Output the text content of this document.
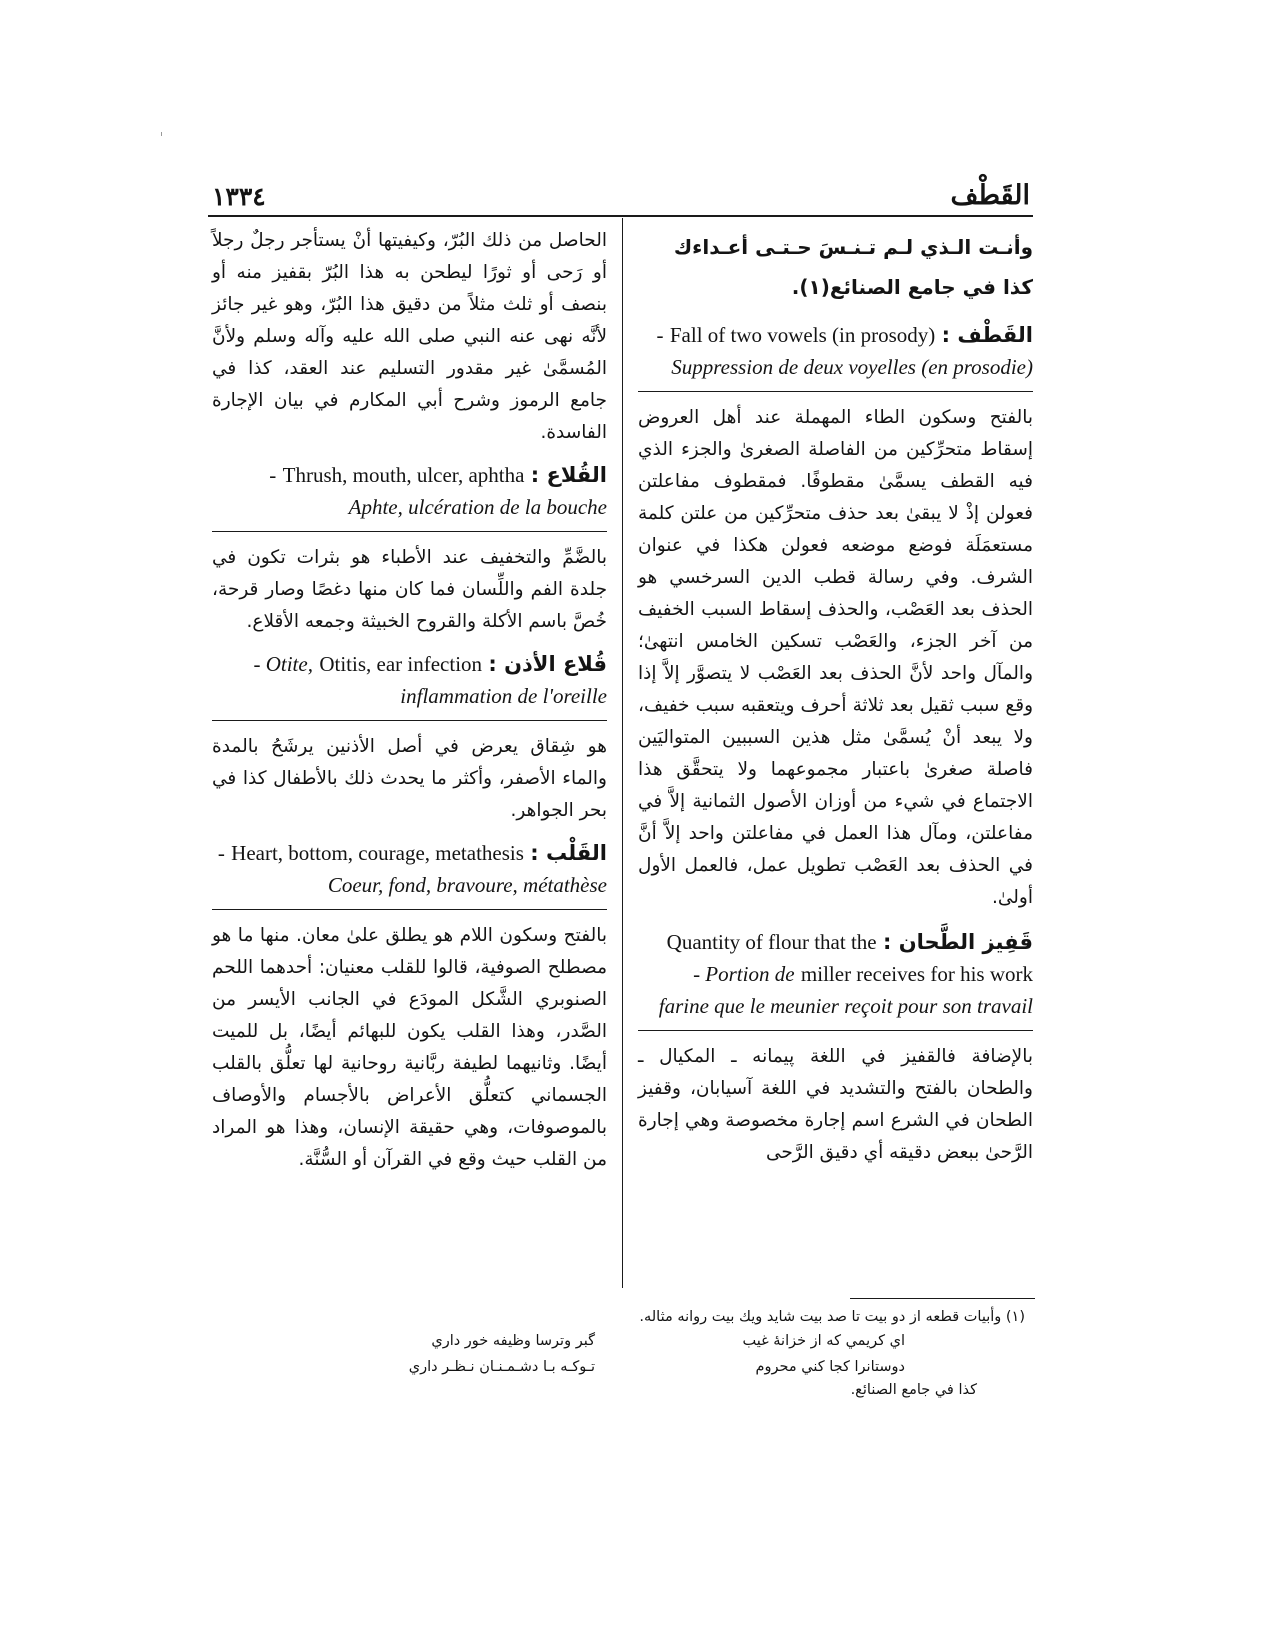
١٣٣٤	القَطْف

وأنـت الـذي لـم تـنـسَ حـتـى أعـداءك

كذا في جامع الصنائع(١).

القَطْف : Fall of two vowels (in prosody) - Suppression de deux voyelles (en prosodie)

بالفتح وسكون الطاء المهملة عند أهل العروض إسقاط متحرِّكين من الفاصلة الصغرىٰ والجزء الذي فيه القطف يسمَّىٰ مقطوفًا. فمقطوف مفاعلتن فعولن إذْ لا يبقىٰ بعد حذف متحرِّكين من علتن كلمة مستعمَلَة فوضع موضعه فعولن هكذا في عنوان الشرف. وفي رسالة قطب الدين السرخسي هو الحذف بعد العَصْب، والحذف إسقاط السبب الخفيف من آخر الجزء، والعَصْب تسكين الخامس انتهىٰ؛ والمآل واحد لأنَّ الحذف بعد العَصْب لا يتصوَّر إلاَّ إذا وقع سبب ثقيل بعد ثلاثة أحرف ويتعقبه سبب خفيف، ولا يبعد أنْ يُسمَّىٰ مثل هذين السببين المتواليَين فاصلة صغرىٰ باعتبار مجموعهما ولا يتحقَّق هذا الاجتماع في شيء من أوزان الأصول الثمانية إلاَّ في مفاعلتن، ومآل هذا العمل في مفاعلتن واحد إلاَّ أنَّ في الحذف بعد العَصْب تطويل عمل، فالعمل الأول أولىٰ.

قَفِيز الطَّحان : Quantity of flour that the miller receives for his work - Portion de farine que le meunier reçoit pour son travail

بالإضافة فالقفيز في اللغة پيمانه ـ المكيال ـ والطحان بالفتح والتشديد في اللغة آسيابان، وقفيز الطحان في الشرع اسم إجارة مخصوصة وهي إجارة الرَّحىٰ ببعض دقيقه أي دقيق الرَّحى

الحاصل من ذلك البُرّ، وكيفيتها أنْ يستأجر رجلٌ رجلاً أو رَحى أو ثورًا ليطحن به هذا البُرّ بقفيز منه أو بنصف أو ثلث مثلاً من دقيق هذا البُرّ، وهو غير جائز لأنَّه نهى عنه النبي صلى الله عليه وآله وسلم ولأنَّ المُسمَّىٰ غير مقدور التسليم عند العقد، كذا في جامع الرموز وشرح أبي المكارم في بيان الإجارة الفاسدة.

القُلاع : Thrush, mouth, ulcer, aphtha - Aphte, ulcération de la bouche

بالضَّمِّ والتخفيف عند الأطباء هو بثرات تكون في جلدة الفم واللِّسان فما كان منها دغصًا وصار قرحة، خُصَّ باسم الأكلة والقروح الخبيثة وجمعه الأقلاع.

قُلاع الأذن : Otitis, ear infection - Otite, inflammation de l'oreille

هو شِقاق يعرض في أصل الأذنين يرشَحُ بالمدة والماء الأصفر، وأكثر ما يحدث ذلك بالأطفال كذا في بحر الجواهر.

القَلْب : Heart, bottom, courage, metathesis - Coeur, fond, bravoure, métathèse

بالفتح وسكون اللام هو يطلق علىٰ معان. منها ما هو مصطلح الصوفية، قالوا للقلب معنيان: أحدهما اللحم الصنوبري الشَّكل المودَع في الجانب الأيسر من الصَّدر، وهذا القلب يكون للبهائم أيضًا، بل للميت أيضًا. وثانيهما لطيفة ربَّانية روحانية لها تعلُّق بالقلب الجسماني كتعلُّق الأعراض بالأجسام والأوصاف بالموصوفات، وهي حقيقة الإنسان، وهذا هو المراد من القلب حيث وقع في القرآن أو السُّنَّة.

(١) وأبيات قطعه از دو بيت تا صد بيت شايد ويك بيت روانه مثاله.
اي كريمي كه از خزانهٔ غيب
دوستانرا كجا كني محروم
گبر وترسا وظيفه خور داري
تـوكـه بـا دشـمـنـان نـظـر داري
كذا في جامع الصنائع.
